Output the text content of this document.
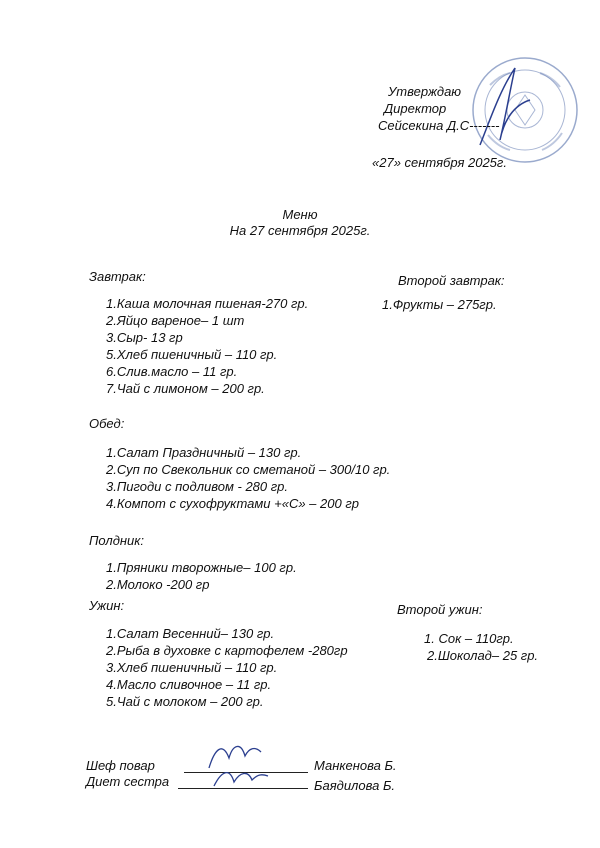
Утверждаю
Директор
Сейсекина Д.С-------
«27» сентября 2025г.
Меню
На 27 сентября 2025г.
Завтрак:
1.Каша молочная пшеная-270 гр.
2.Яйцо вареное– 1 шт
3.Сыр- 13 гр
5.Хлеб пшеничный – 110 гр.
6.Слив.масло – 11 гр.
7.Чай с лимоном – 200 гр.
Второй завтрак:
1.Фрукты – 275гр.
Обед:
1.Салат Праздничный – 130 гр.
2.Суп по Свекольник со сметаной – 300/10 гр.
3.Пигоди с подливом - 280 гр.
4.Компот с сухофруктами +«С» – 200 гр
Полдник:
1.Пряники творожные– 100 гр.
2.Молоко -200 гр
Ужин:
1.Салат Весенний– 130 гр.
2.Рыба в духовке с картофелем -280гр
3.Хлеб пшеничный – 110 гр.
4.Масло сливочное – 11 гр.
5.Чай с молоком – 200 гр.
Второй ужин:
1. Сок – 110гр.
2.Шоколад– 25 гр.
Шеф повар	Манкенова Б.
Диет сестра	Баядилова Б.
